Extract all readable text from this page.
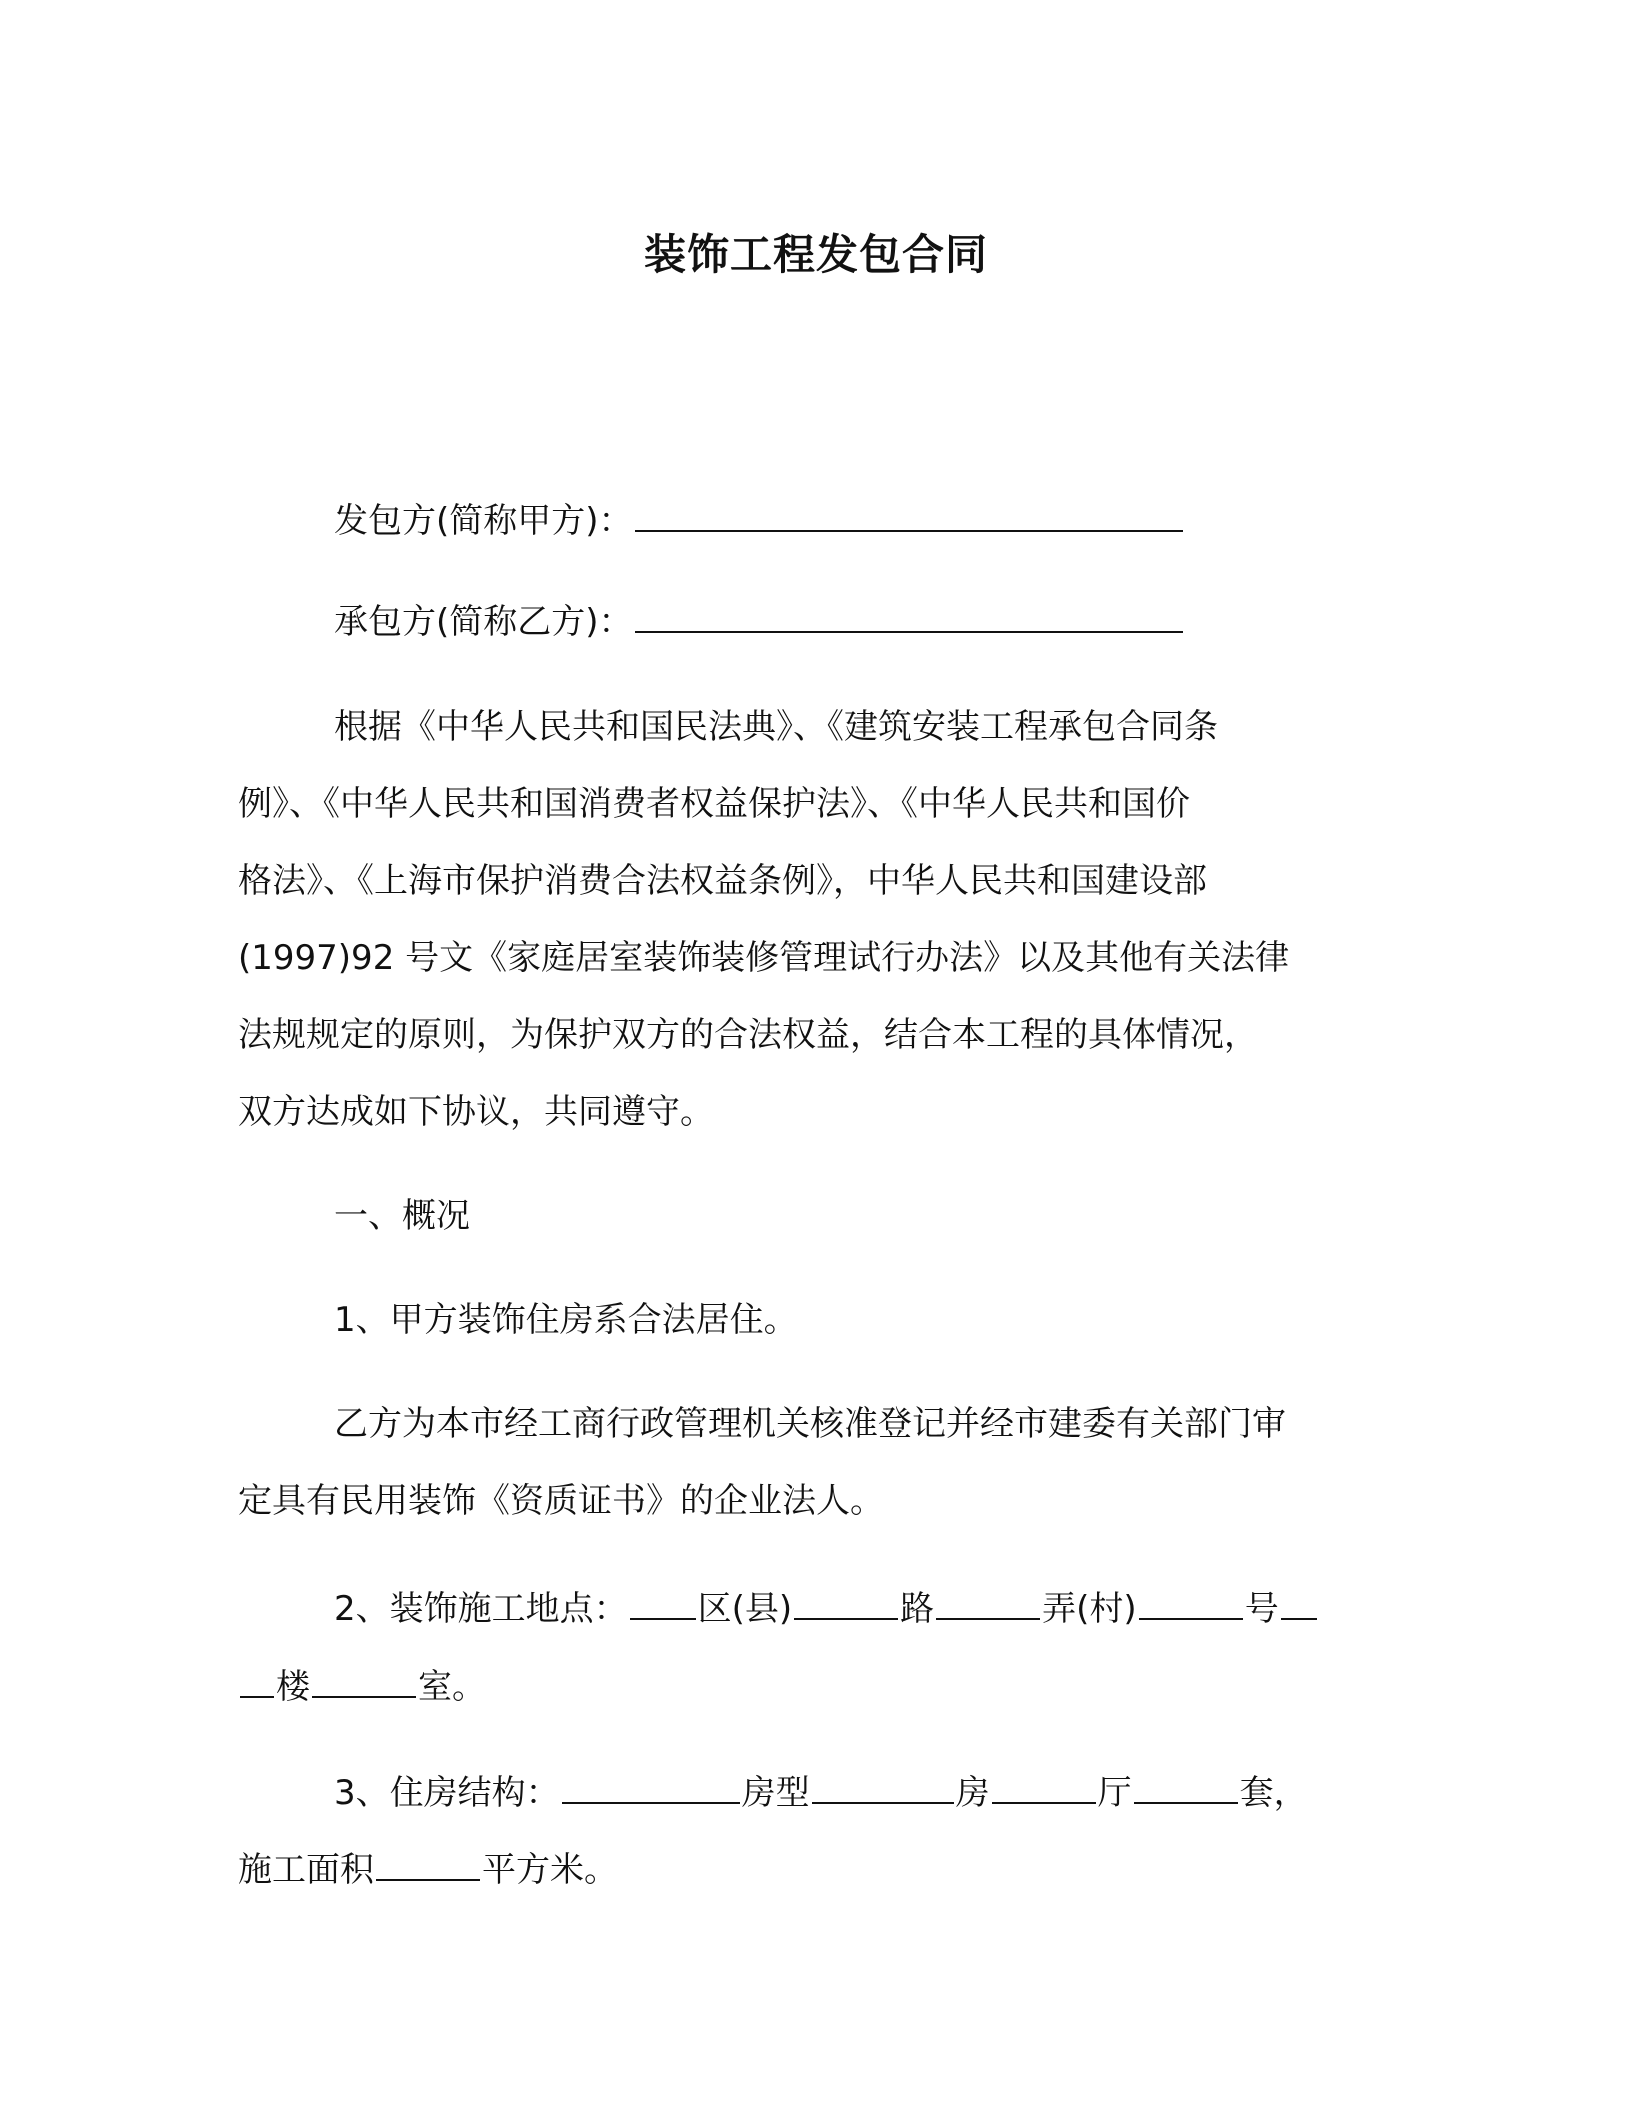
装饰工程发包合同
发包方(简称甲方)：
承包方(简称乙方)：
根据《中华人民共和国民法典》、《建筑安装工程承包合同条
例》、《中华人民共和国消费者权益保护法》、《中华人民共和国价
格法》、《上海市保护消费合法权益条例》，中华人民共和国建设部
(1997)92 号文《家庭居室装饰装修管理试行办法》以及其他有关法律
法规规定的原则，为保护双方的合法权益，结合本工程的具体情况，
双方达成如下协议，共同遵守。
一、概况
1、甲方装饰住房系合法居住。
乙方为本市经工商行政管理机关核准登记并经市建委有关部门审
定具有民用装饰《资质证书》的企业法人。
2、装饰施工地点： 区(县)	路	弄(村)	号
楼	室。
3、住房结构：	房型	房	厅	套，
施工面积	平方米。
